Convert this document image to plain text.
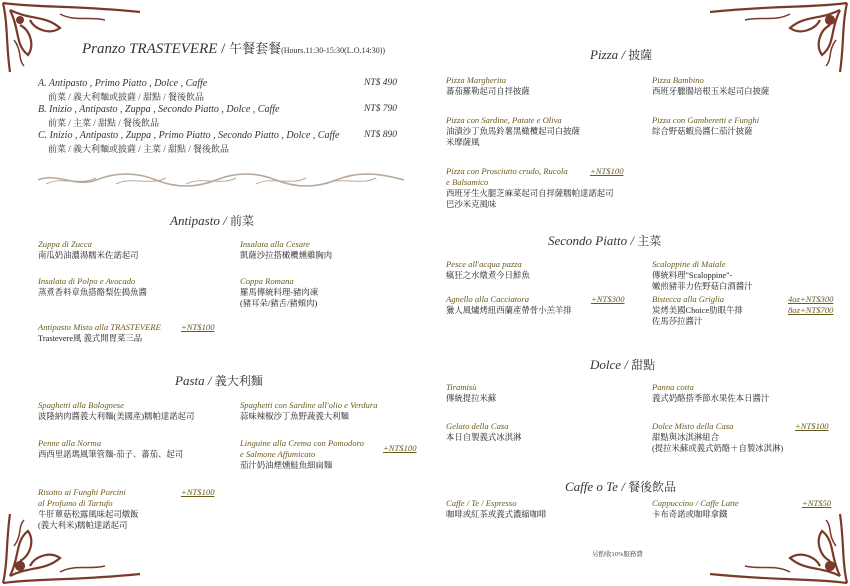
Pranzo TRASTEVERE / 午餐套餐(Hours.11:30-15:30(L.O.14:30))
A. Antipasto , Primo Piatto , Dolce , Caffe	NT$ 490
前菜 / 義大利麵或披薩 / 甜點 / 餐後飲品
B. Inizio , Antipasto , Zuppa , Secondo Piatto , Dolce , Caffe	NT$ 790
前菜 / 主菜 / 甜點 / 餐後飲品
C. Inizio , Antipasto , Zuppa , Primo Piatto , Secondo Piatto , Dolce , Caffe	NT$ 890
前菜 / 義大利麵或披薩 / 主菜 / 甜點 / 餐後飲品
Antipasto / 前菜
Zuppa di Zucca
南瓜奶油濃湯糯米佐諾起司
Insalata alla Cesare
凱薩沙拉搭橄欖燻雞胸肉
Insalata di Polpo e Avocado
蒸煮香料章魚搭酪梨佐搗魚醬
Coppa Romana
羅馬傳統料理-豬肉凍
(豬耳朵/豬舌/豬頰肉)
Antipasto Misto alla TRASTEVERE
Trastevere風 義式開胃菜三品
+NT$100
Pasta / 義大利麵
Spaghetti alla Bolognese
波隆納肉醬義大利麵(美國產)糯帕達諾起司
Spaghetti con Sardine all'olio e Verdura
蒜味辣椒沙丁魚野蔬義大利麵
Penne alla Norma
西西里諾瑪風筆管麵-茄子、蕃茄、起司
Linguine alla Crema con Pomodoro
e Salmone Affumicato
茄汁奶油煙燻鮭魚細扁麵
+NT$100
Risotto ai Funghi Porcini
al Profumo di Tartufo
牛肝蕈菇松露風味起司燉飯
(義大利米)糯帕達諾起司
+NT$100
Pizza / 披薩
Pizza Margherita
蕃茄羅勒起司自拌披薩
Pizza Bambino
西班牙臘腸培根玉米起司白披薩
Pizza con Sardine, Patate e Oliva
油漬沙丁魚馬鈴薯黑橄欖起司白披薩
米摩薩風
Pizza con Gamberetti e Funghi
綜合野菇蝦烏醬仁茄汁披薩
Pizza con Prosciutto crudo, Rucola
e Balsamico
西班牙生火腿芝麻菜起司自拌薩糯帕達諾起司
巴沙米克風味
+NT$100
Secondo Piatto / 主菜
Pesce all'acqua pazza
瘋狂之水燉煮今日鮮魚
Scaloppine di Maiale
傳統料理"Scaloppine"-
嫩煎豬菲力佐野菇白酒醬汁
Agnello alla Cacciatora
獵人風爐烤紐西蘭產帶骨小羔羊排
+NT$300	Bistecca alla Griglia
炭烤美國Choice肋眼牛排
佐馬莎拉醬汁
4oz+NT$300
8oz+NT$700
Dolce / 甜點
Tiramisù
傳統提拉米蘇
Panna cotta
義式奶酪搭季節水果佐本日醬汁
Gelato della Casa
本日自製義式冰淇淋
Dolce Misto della Casa
甜點與冰淇淋組合
(提拉米蘇或義式奶酪＋自製冰淇淋)
+NT$100
Caffe o Te / 餐後飲品
Caffe / Te / Espresso
咖啡或紅茶或義式濃縮咖啡
Cappuccino / Caffe Latte
卡布奇諾或咖啡拿鐵
+NT$50
另酌收10%服務費
